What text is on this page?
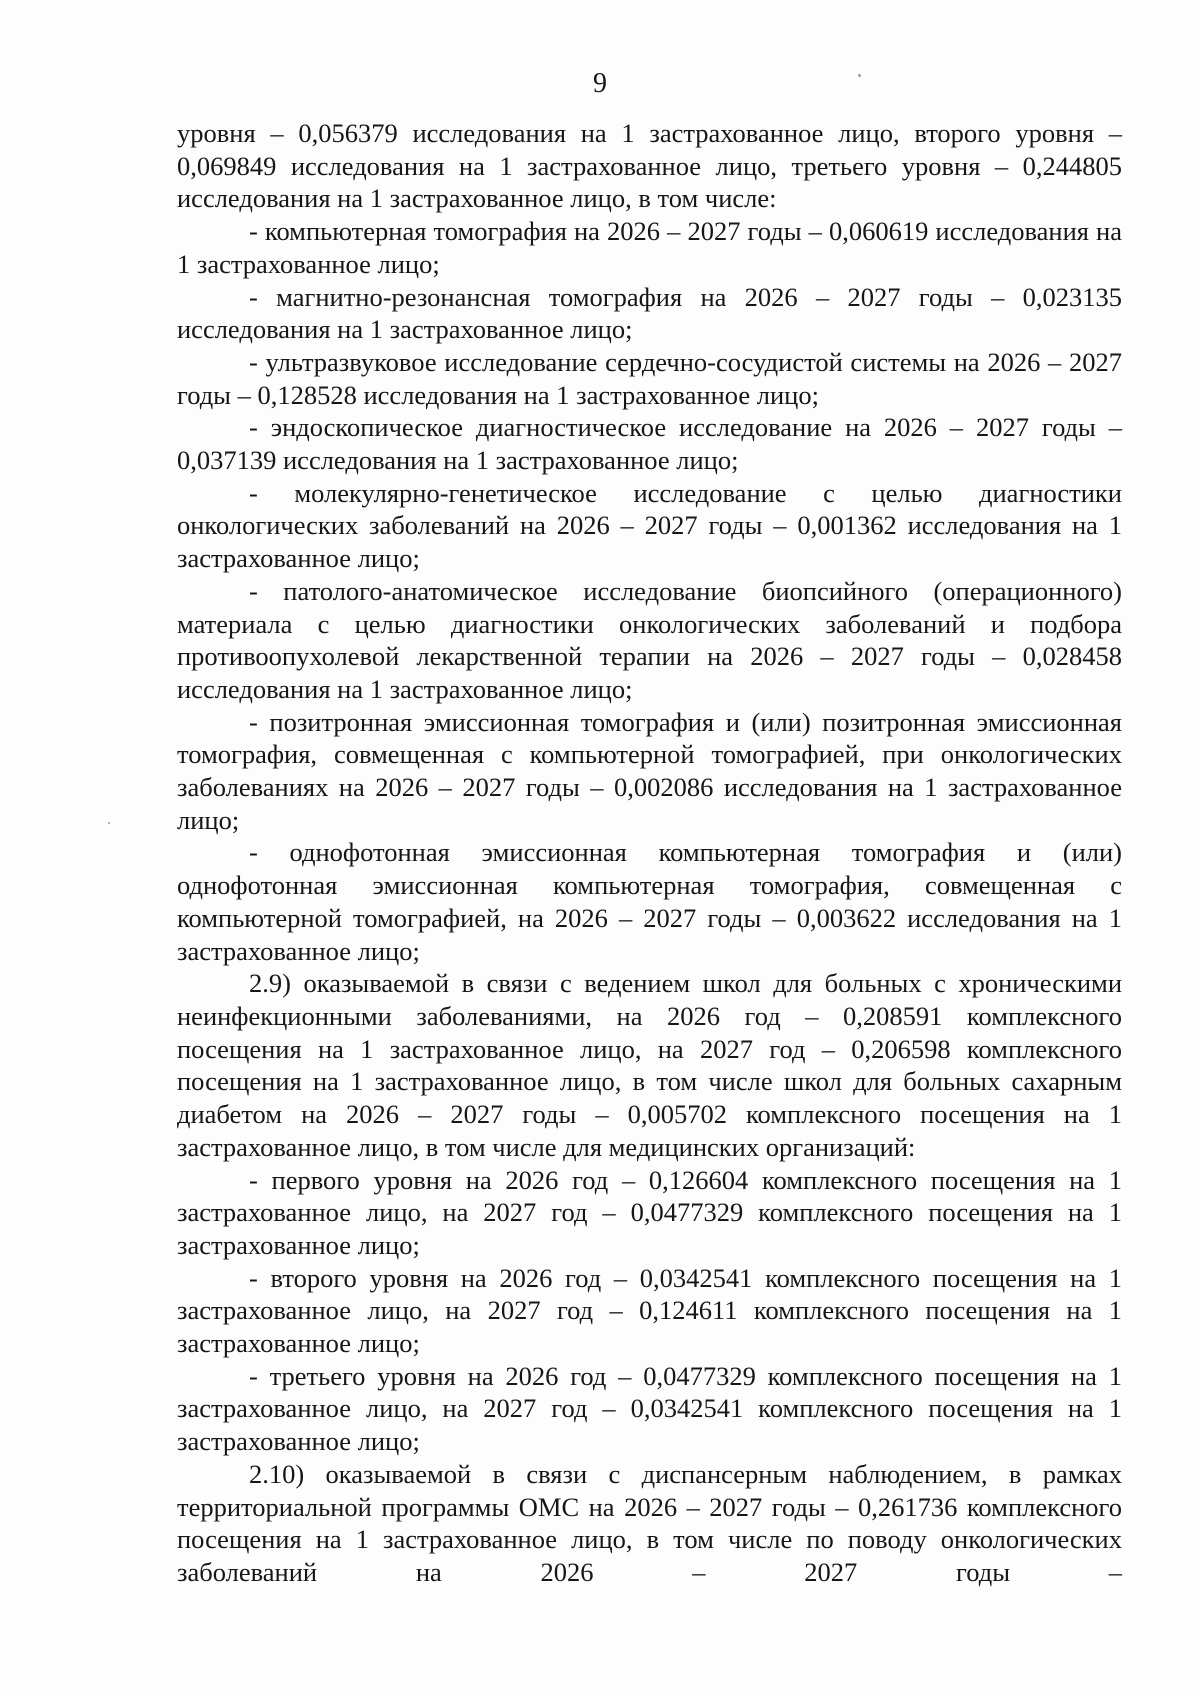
9

уровня – 0,056379 исследования на 1 застрахованное лицо, второго уровня – 0,069849 исследования на 1 застрахованное лицо, третьего уровня – 0,244805 исследования на 1 застрахованное лицо, в том числе:

- компьютерная томография на 2026 – 2027 годы – 0,060619 исследования на 1 застрахованное лицо;

- магнитно-резонансная томография на 2026 – 2027 годы – 0,023135 исследования на 1 застрахованное лицо;

- ультразвуковое исследование сердечно-сосудистой системы на 2026 – 2027 годы – 0,128528 исследования на 1 застрахованное лицо;

- эндоскопическое диагностическое исследование на 2026 – 2027 годы – 0,037139 исследования на 1 застрахованное лицо;

- молекулярно-генетическое исследование с целью диагностики онкологических заболеваний на 2026 – 2027 годы – 0,001362 исследования на 1 застрахованное лицо;

- патолого-анатомическое исследование биопсийного (операционного) материала с целью диагностики онкологических заболеваний и подбора противоопухолевой лекарственной терапии на 2026 – 2027 годы – 0,028458 исследования на 1 застрахованное лицо;

- позитронная эмиссионная томография и (или) позитронная эмиссионная томография, совмещенная с компьютерной томографией, при онкологических заболеваниях на 2026 – 2027 годы – 0,002086 исследования на 1 застрахованное лицо;

- однофотонная эмиссионная компьютерная томография и (или) однофотонная эмиссионная компьютерная томография, совмещенная с компьютерной томографией, на 2026 – 2027 годы – 0,003622 исследования на 1 застрахованное лицо;

2.9) оказываемой в связи с ведением школ для больных с хроническими неинфекционными заболеваниями, на 2026 год – 0,208591 комплексного посещения на 1 застрахованное лицо, на 2027 год – 0,206598 комплексного посещения на 1 застрахованное лицо, в том числе школ для больных сахарным диабетом на 2026 – 2027 годы – 0,005702 комплексного посещения на 1 застрахованное лицо, в том числе для медицинских организаций:

- первого уровня на 2026 год – 0,126604 комплексного посещения на 1 застрахованное лицо, на 2027 год – 0,0477329 комплексного посещения на 1 застрахованное лицо;

- второго уровня на 2026 год – 0,0342541 комплексного посещения на 1 застрахованное лицо, на 2027 год – 0,124611 комплексного посещения на 1 застрахованное лицо;

- третьего уровня на 2026 год – 0,0477329 комплексного посещения на 1 застрахованное лицо, на 2027 год – 0,0342541 комплексного посещения на 1 застрахованное лицо;

2.10) оказываемой в связи с диспансерным наблюдением, в рамках территориальной программы ОМС на 2026 – 2027 годы – 0,261736 комплексного посещения на 1 застрахованное лицо, в том числе по поводу онкологических заболеваний на 2026 – 2027 годы –
